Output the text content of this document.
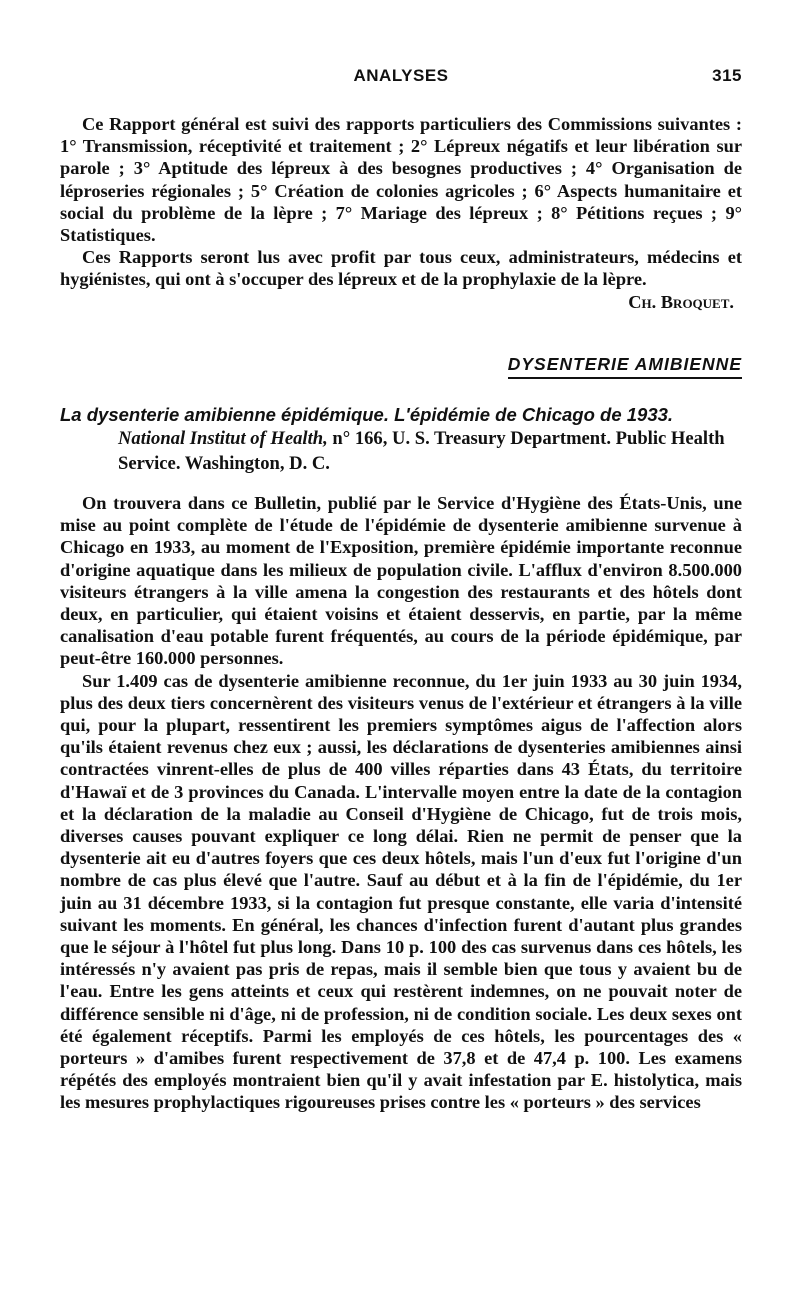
ANALYSES	315

Ce Rapport général est suivi des rapports particuliers des Commissions suivantes : 1° Transmission, réceptivité et traitement ; 2° Lépreux négatifs et leur libération sur parole ; 3° Aptitude des lépreux à des besognes productives ; 4° Organisation de léproseries régionales ; 5° Création de colonies agricoles ; 6° Aspects humanitaire et social du problème de la lèpre ; 7° Mariage des lépreux ; 8° Pétitions reçues ; 9° Statistiques.

Ces Rapports seront lus avec profit par tous ceux, administrateurs, médecins et hygiénistes, qui ont à s'occuper des lépreux et de la prophylaxie de la lèpre.

Ch. Broquet.

DYSENTERIE AMIBIENNE

La dysenterie amibienne épidémique. L'épidémie de Chicago de 1933.

National Institut of Health, n° 166, U. S. Treasury Department. Public Health Service. Washington, D. C.

On trouvera dans ce Bulletin, publié par le Service d'Hygiène des États-Unis, une mise au point complète de l'étude de l'épidémie de dysenterie amibienne survenue à Chicago en 1933, au moment de l'Exposition, première épidémie importante reconnue d'origine aquatique dans les milieux de population civile. L'afflux d'environ 8.500.000 visiteurs étrangers à la ville amena la congestion des restaurants et des hôtels dont deux, en particulier, qui étaient voisins et étaient desservis, en partie, par la même canalisation d'eau potable furent fréquentés, au cours de la période épidémique, par peut-être 160.000 personnes.

Sur 1.409 cas de dysenterie amibienne reconnue, du 1er juin 1933 au 30 juin 1934, plus des deux tiers concernèrent des visiteurs venus de l'extérieur et étrangers à la ville qui, pour la plupart, ressentirent les premiers symptômes aigus de l'affection alors qu'ils étaient revenus chez eux ; aussi, les déclarations de dysenteries amibiennes ainsi contractées vinrent-elles de plus de 400 villes réparties dans 43 États, du territoire d'Hawaï et de 3 provinces du Canada. L'intervalle moyen entre la date de la contagion et la déclaration de la maladie au Conseil d'Hygiène de Chicago, fut de trois mois, diverses causes pouvant expliquer ce long délai. Rien ne permit de penser que la dysenterie ait eu d'autres foyers que ces deux hôtels, mais l'un d'eux fut l'origine d'un nombre de cas plus élevé que l'autre. Sauf au début et à la fin de l'épidémie, du 1er juin au 31 décembre 1933, si la contagion fut presque constante, elle varia d'intensité suivant les moments. En général, les chances d'infection furent d'autant plus grandes que le séjour à l'hôtel fut plus long. Dans 10 p. 100 des cas survenus dans ces hôtels, les intéressés n'y avaient pas pris de repas, mais il semble bien que tous y avaient bu de l'eau. Entre les gens atteints et ceux qui restèrent indemnes, on ne pouvait noter de différence sensible ni d'âge, ni de profession, ni de condition sociale. Les deux sexes ont été également réceptifs. Parmi les employés de ces hôtels, les pourcentages des « porteurs » d'amibes furent respectivement de 37,8 et de 47,4 p. 100. Les examens répétés des employés montraient bien qu'il y avait infestation par E. histolytica, mais les mesures prophylactiques rigoureuses prises contre les « porteurs » des services
